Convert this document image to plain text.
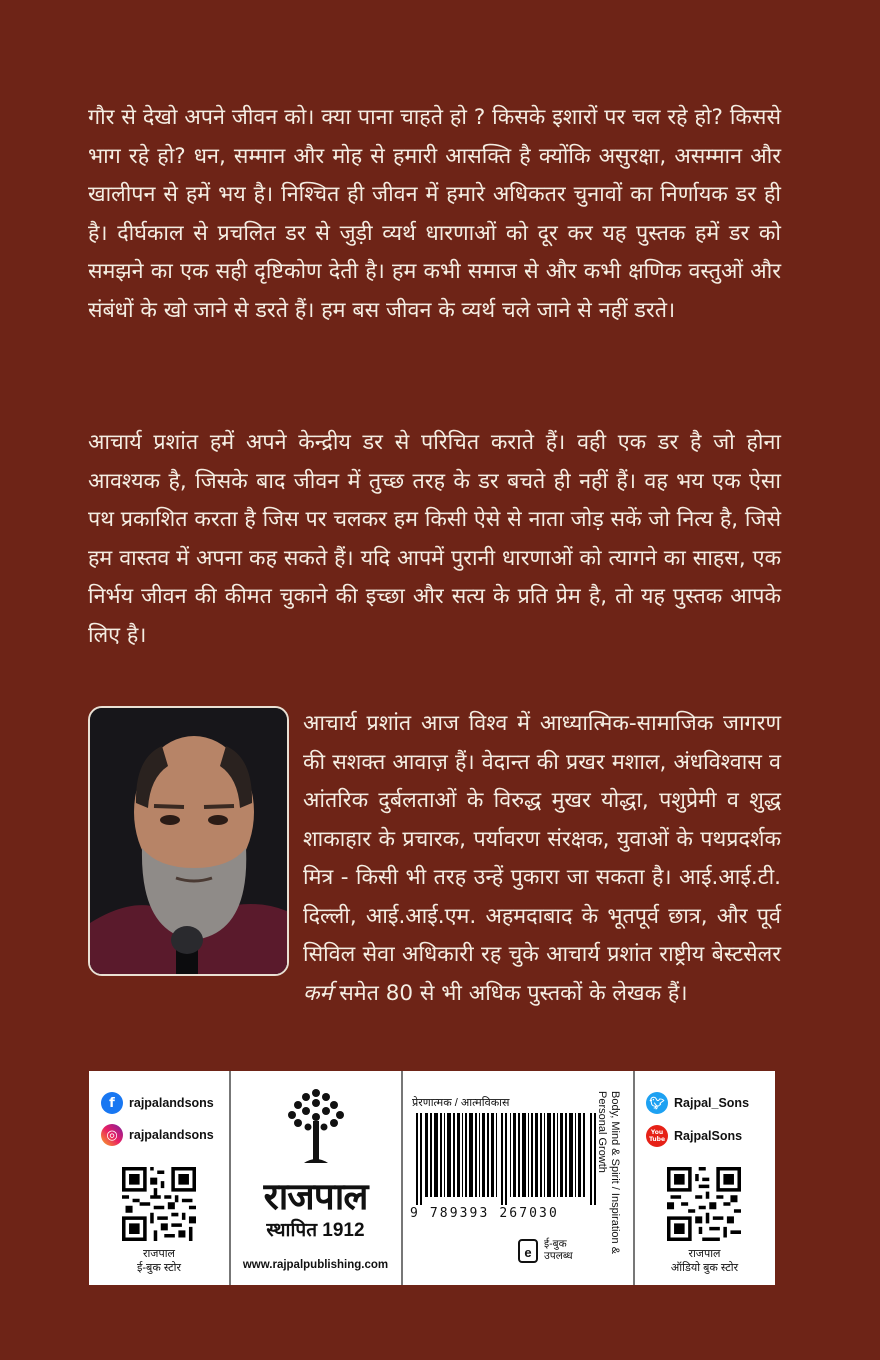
गौर से देखो अपने जीवन को। क्या पाना चाहते हो ? किसके इशारों पर चल रहे हो? किससे भाग रहे हो? धन, सम्मान और मोह से हमारी आसक्ति है क्योंकि असुरक्षा, असम्मान और खालीपन से हमें भय है। निश्चित ही जीवन में हमारे अधिकतर चुनावों का निर्णायक डर ही है। दीर्घकाल से प्रचलित डर से जुड़ी व्यर्थ धारणाओं को दूर कर यह पुस्तक हमें डर को समझने का एक सही दृष्टिकोण देती है। हम कभी समाज से और कभी क्षणिक वस्तुओं और संबंधों के खो जाने से डरते हैं। हम बस जीवन के व्यर्थ चले जाने से नहीं डरते।

आचार्य प्रशांत हमें अपने केन्द्रीय डर से परिचित कराते हैं। वही एक डर है जो होना आवश्यक है, जिसके बाद जीवन में तुच्छ तरह के डर बचते ही नहीं हैं। वह भय एक ऐसा पथ प्रकाशित करता है जिस पर चलकर हम किसी ऐसे से नाता जोड़ सकें जो नित्य है, जिसे हम वास्तव में अपना कह सकते हैं। यदि आपमें पुरानी धारणाओं को त्यागने का साहस, एक निर्भय जीवन की कीमत चुकाने की इच्छा और सत्य के प्रति प्रेम है, तो यह पुस्तक आपके लिए है।

आचार्य प्रशांत आज विश्व में आध्यात्मिक-सामाजिक जागरण की सशक्त आवाज़ हैं। वेदान्त की प्रखर मशाल, अंधविश्वास व आंतरिक दुर्बलताओं के विरुद्ध मुखर योद्धा, पशुप्रेमी व शुद्ध शाकाहार के प्रचारक, पर्यावरण संरक्षक, युवाओं के पथप्रदर्शक मित्र - किसी भी तरह उन्हें पुकारा जा सकता है। आई.आई.टी. दिल्ली, आई.आई.एम. अहमदाबाद के भूतपूर्व छात्र, और पूर्व सिविल सेवा अधिकारी रह चुके आचार्य प्रशांत राष्ट्रीय बेस्टसेलर कर्म समेत 80 से भी अधिक पुस्तकों के लेखक हैं।

f	rajpalandsons
◎ rajpalandsons
राजपाल
ई-बुक स्टोर
राजपाल
स्थापित 1912
www.rajpalpublishing.com
प्रेरणात्मक / आत्मविकास
9 789393 267030
e
ई-बुक
उपलब्ध
Body, Mind & Spirit / Inspiration & Personal Growth	🐦︎ Rajpal_Sons
You Tube RajpalSons
राजपाल
ऑडियो बुक स्टोर
